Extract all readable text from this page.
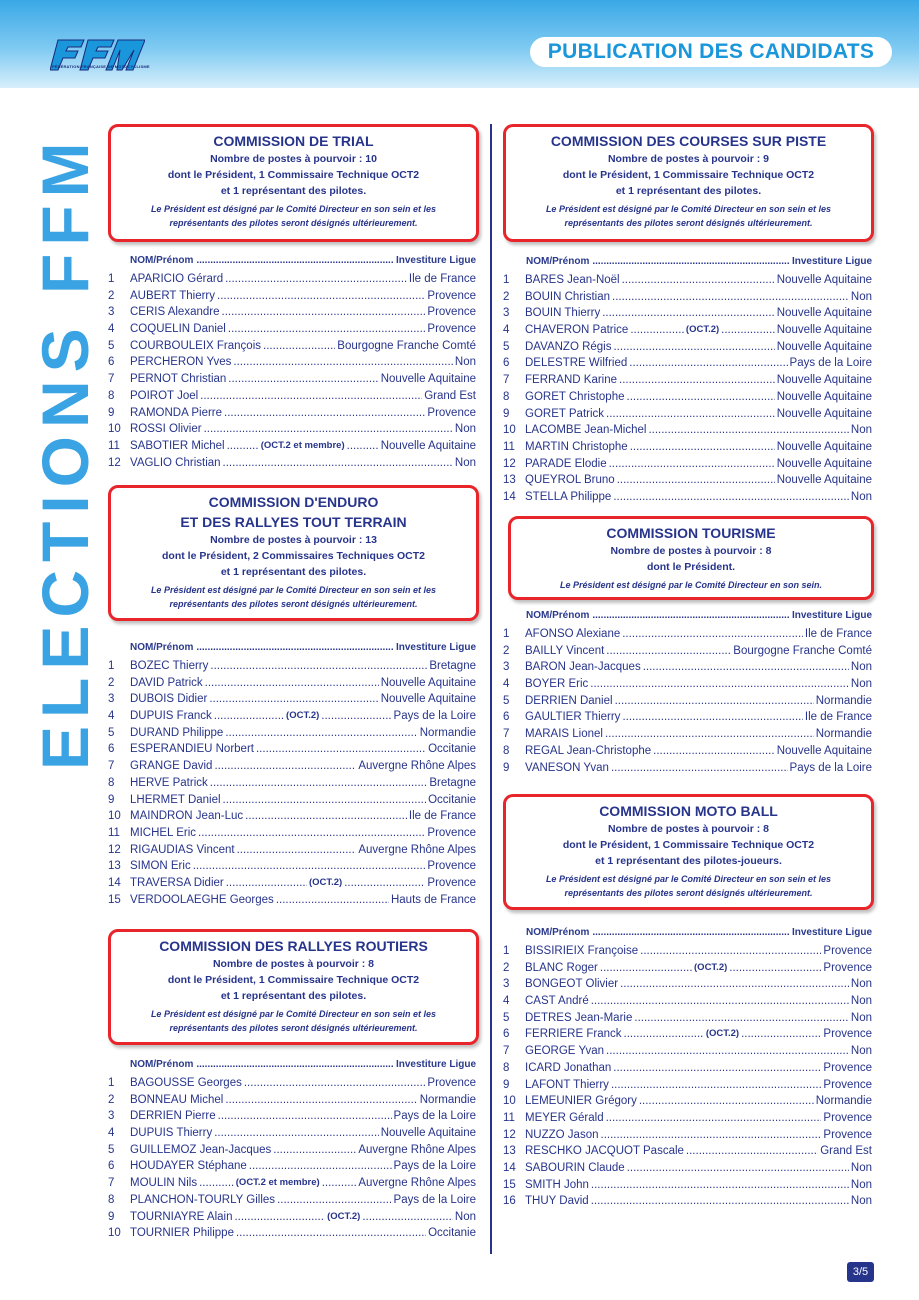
FÉDÉRATION FRANÇAISE DE MOTOCYCLISME
PUBLICATION DES CANDIDATS
ELECTIONS FFM	COMMISSION DE TRIAL
Nombre de postes à pourvoir : 10
dont le Président, 1 Commissaire Technique OCT2
et 1 représentant des pilotes.
Le Président est désigné par le Comité Directeur en son sein et les représentants des pilotes seront désignés ultérieurement.
NOM/Prénom .....	Investiture Ligue
1	APARICIO Gérard .....	Ile de France
2	AUBERT Thierry .....	Provence
3	CERIS Alexandre .....	Provence
4	COQUELIN Daniel .....	Provence
5	COURBOULEIX François .....	Bourgogne Franche Comté
6	PERCHERON Yves .....	Non
7	PERNOT Christian .....	Nouvelle Aquitaine
8	POIROT Joel .....	Grand Est
9	RAMONDA Pierre .....	Provence
10 ROSSI Olivier .....	Non
11 SABOTIER Michel .....	(OCT.2 et membre) .....	Nouvelle Aquitaine
12 VAGLIO Christian .....	Non
COMMISSION D'ENDURO
ET DES RALLYES TOUT TERRAIN
Nombre de postes à pourvoir : 13
dont le Président, 2 Commissaires Techniques OCT2
et 1 représentant des pilotes.
Le Président est désigné par le Comité Directeur en son sein et les représentants des pilotes seront désignés ultérieurement.
NOM/Prénom .....	Investiture Ligue
1	BOZEC Thierry .....	Bretagne
2	DAVID Patrick .....	Nouvelle Aquitaine
3	DUBOIS Didier .....	Nouvelle Aquitaine
4	DUPUIS Franck .....	(OCT.2) .....	Pays de la Loire
5	DURAND Philippe .....	Normandie
6	ESPERANDIEU Norbert .....	Occitanie
7	GRANGE David .....	Auvergne Rhône Alpes
8	HERVE Patrick .....	Bretagne
9	LHERMET Daniel .....	Occitanie
10 MAINDRON Jean-Luc .....	Ile de France
11 MICHEL Eric .....	Provence
12 RIGAUDIAS Vincent .....	Auvergne Rhône Alpes
13 SIMON Eric .....	Provence
14 TRAVERSA Didier .....	(OCT.2) .....	Provence
15 VERDOOLAEGHE Georges .....	Hauts de France
COMMISSION DES RALLYES ROUTIERS
Nombre de postes à pourvoir : 8
dont le Président, 1 Commissaire Technique OCT2
et 1 représentant des pilotes.
Le Président est désigné par le Comité Directeur en son sein et les représentants des pilotes seront désignés ultérieurement.
NOM/Prénom .....	Investiture Ligue
1	BAGOUSSE Georges .....	Provence
2	BONNEAU Michel .....	Normandie
3	DERRIEN Pierre .....	Pays de la Loire
4	DUPUIS Thierry .....	Nouvelle Aquitaine
5	GUILLEMOZ Jean-Jacques .....	Auvergne Rhône Alpes
6	HOUDAYER Stéphane .....	Pays de la Loire
7	MOULIN Nils .....	(OCT.2 et membre) .....	Auvergne Rhône Alpes
8	PLANCHON-TOURLY Gilles .....	Pays de la Loire
9	TOURNIAYRE Alain .....	(OCT.2) .....	Non
10 TOURNIER Philippe .....	Occitanie
COMMISSION DES COURSES SUR PISTE
Nombre de postes à pourvoir : 9
dont le Président, 1 Commissaire Technique OCT2
et 1 représentant des pilotes.
Le Président est désigné par le Comité Directeur en son sein et les représentants des pilotes seront désignés ultérieurement.
NOM/Prénom .....	Investiture Ligue
1	BARES Jean-Noël .....	Nouvelle Aquitaine
2	BOUIN Christian .....	Non
3	BOUIN Thierry .....	Nouvelle Aquitaine
4	CHAVERON Patrice .....	(OCT.2) .....	Nouvelle Aquitaine
5	DAVANZO Régis .....	Nouvelle Aquitaine
6	DELESTRE Wilfried .....	Pays de la Loire
7	FERRAND Karine .....	Nouvelle Aquitaine
8	GORET Christophe .....	Nouvelle Aquitaine
9	GORET Patrick .....	Nouvelle Aquitaine
10 LACOMBE Jean-Michel .....	Non
11 MARTIN Christophe .....	Nouvelle Aquitaine
12 PARADE Elodie .....	Nouvelle Aquitaine
13 QUEYROL Bruno .....	Nouvelle Aquitaine
14 STELLA Philippe .....	Non
COMMISSION TOURISME
Nombre de postes à pourvoir : 8
dont le Président.
Le Président est désigné par le Comité Directeur en son sein.
NOM/Prénom .....	Investiture Ligue
1	AFONSO Alexiane .....	Ile de France
2	BAILLY Vincent .....	Bourgogne Franche Comté
3	BARON Jean-Jacques .....	Non
4	BOYER Eric .....	Non
5	DERRIEN Daniel .....	Normandie
6	GAULTIER Thierry .....	Ile de France
7	MARAIS Lionel .....	Normandie
8	REGAL Jean-Christophe .....	Nouvelle Aquitaine
9	VANESON Yvan .....	Pays de la Loire
COMMISSION MOTO BALL
Nombre de postes à pourvoir : 8
dont le Président, 1 Commissaire Technique OCT2
et 1 représentant des pilotes-joueurs.
Le Président est désigné par le Comité Directeur en son sein et les représentants des pilotes seront désignés ultérieurement.
NOM/Prénom .....	Investiture Ligue
1	BISSIRIEIX Françoise .....	Provence
2	BLANC Roger .....	(OCT.2) .....	Provence
3	BONGEOT Olivier .....	Non
4	CAST André .....	Non
5	DETRES Jean-Marie .....	Non
6	FERRIERE Franck .....	(OCT.2) .....	Provence
7	GEORGE Yvan .....	Non
8	ICARD Jonathan .....	Provence
9	LAFONT Thierry .....	Provence
10 LEMEUNIER Grégory .....	Normandie
11 MEYER Gérald .....	Provence
12 NUZZO Jason .....	Provence
13 RESCHKO JACQUOT Pascale .....	Grand Est
14 SABOURIN Claude .....	Non
15 SMITH John .....	Non
16 THUY David .....	Non
3/5
